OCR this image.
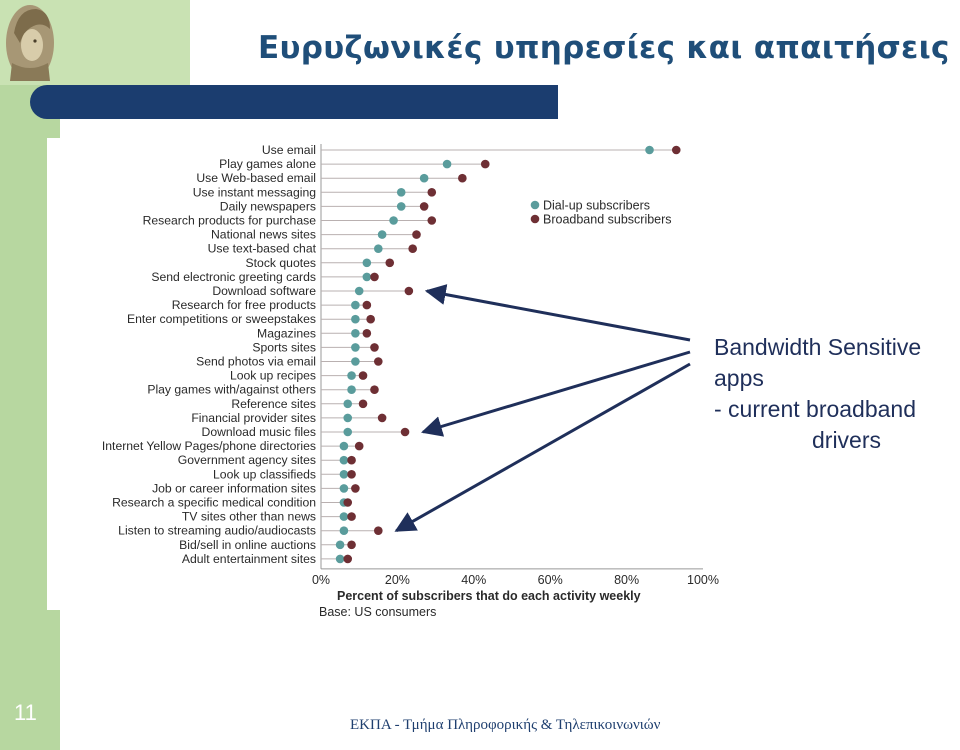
Ευρυζωνικές υπηρεσίες και απαιτήσεις
Use email
Play games alone
Use Web-based email
Use instant messaging
Daily newspapers
Research products for purchase
National news sites
Use text-based chat
Stock quotes
Send electronic greeting cards
Download software
Research for free products
Enter competitions or sweepstakes
Magazines
Sports sites
Send photos via email
Look up recipes
Play games with/against others
Reference sites
Financial provider sites
Download music files
Internet Yellow Pages/phone directories
Government agency sites
Look up classifieds
Job or career information sites
Research a specific medical condition
TV sites other than news
Listen to streaming audio/audiocasts
Bid/sell in online auctions
Adult entertainment sites
0%	20%	40%	60%	80%	100%
Percent of subscribers that do each activity weekly
Base: US consumers
Dial-up subscribers
Broadband subscribers
Bandwidth Sensitive
apps
- current broadband
drivers
11	ΕΚΠΑ - Τμήμα Πληροφορικής & Τηλεπικοινωνιών
